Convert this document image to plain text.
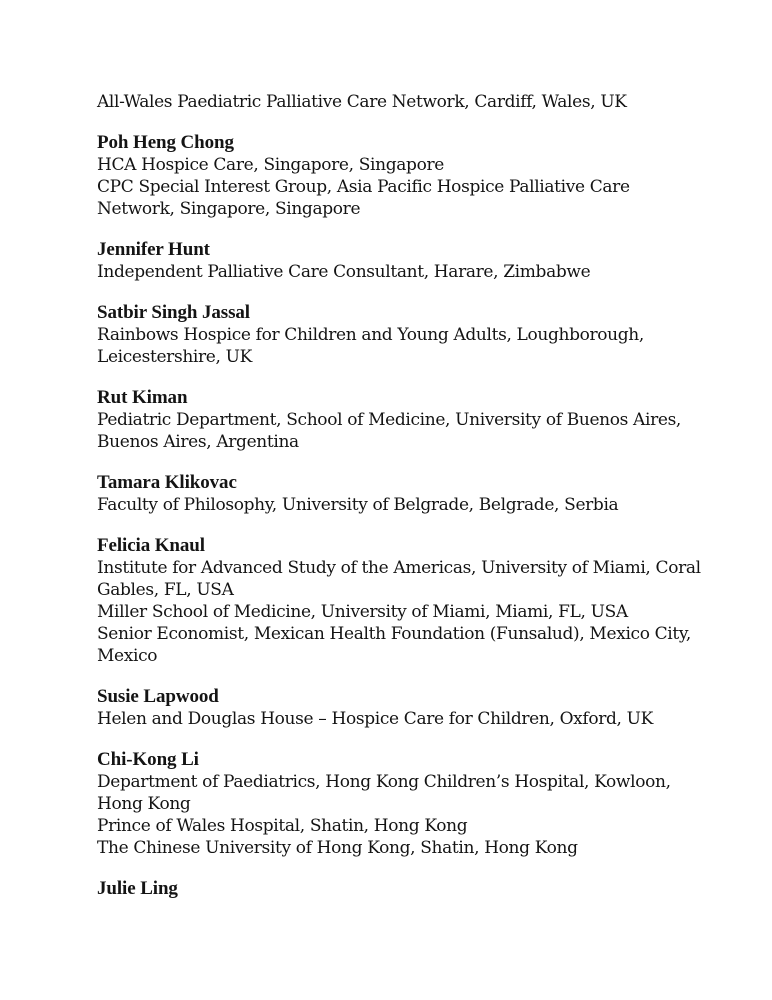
All-Wales Paediatric Palliative Care Network, Cardiff, Wales, UK
Poh Heng Chong
HCA Hospice Care, Singapore, Singapore
CPC Special Interest Group, Asia Pacific Hospice Palliative Care
Network, Singapore, Singapore
Jennifer Hunt
Independent Palliative Care Consultant, Harare, Zimbabwe
Satbir Singh Jassal
Rainbows Hospice for Children and Young Adults, Loughborough,
Leicestershire, UK
Rut Kiman
Pediatric Department, School of Medicine, University of Buenos Aires,
Buenos Aires, Argentina
Tamara Klikovac
Faculty of Philosophy, University of Belgrade, Belgrade, Serbia
Felicia Knaul
Institute for Advanced Study of the Americas, University of Miami, Coral
Gables, FL, USA
Miller School of Medicine, University of Miami, Miami, FL, USA
Senior Economist, Mexican Health Foundation (Funsalud), Mexico City,
Mexico
Susie Lapwood
Helen and Douglas House – Hospice Care for Children, Oxford, UK
Chi-Kong Li
Department of Paediatrics, Hong Kong Children’s Hospital, Kowloon,
Hong Kong
Prince of Wales Hospital, Shatin, Hong Kong
The Chinese University of Hong Kong, Shatin, Hong Kong
Julie Ling
